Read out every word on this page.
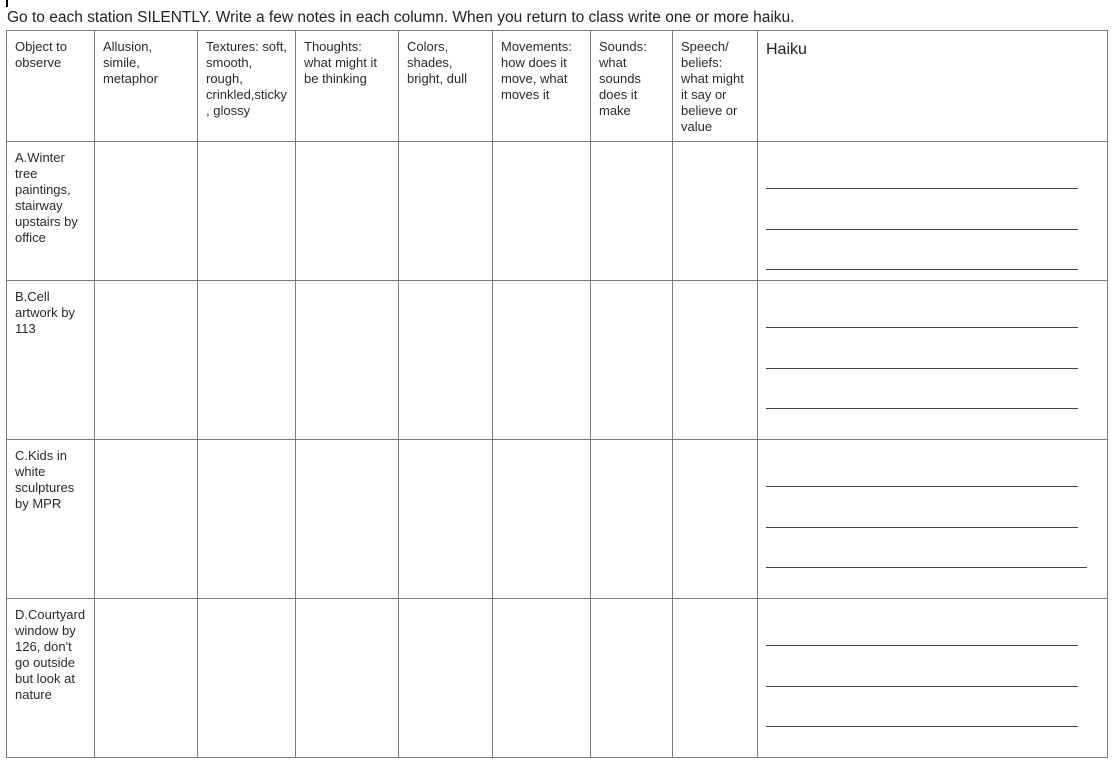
Go to each station SILENTLY. Write a few notes in each column. When you return to class write one or more haiku.
Object to observe	Allusion, simile, metaphor	Textures: soft, smooth, rough, crinkled,sticky, glossy	Thoughts: what might it be thinking	Colors, shades, bright, dull	Movements: how does it move, what moves it	Sounds: what sounds does it make	Speech/ beliefs: what might it say or believe or value	Haiku
A.Winter tree paintings, stairway upstairs by office								

B.Cell artwork by 113								

C.Kids in white sculptures by MPR								

D.Courtyard window by 126, don't go outside but look at nature								
